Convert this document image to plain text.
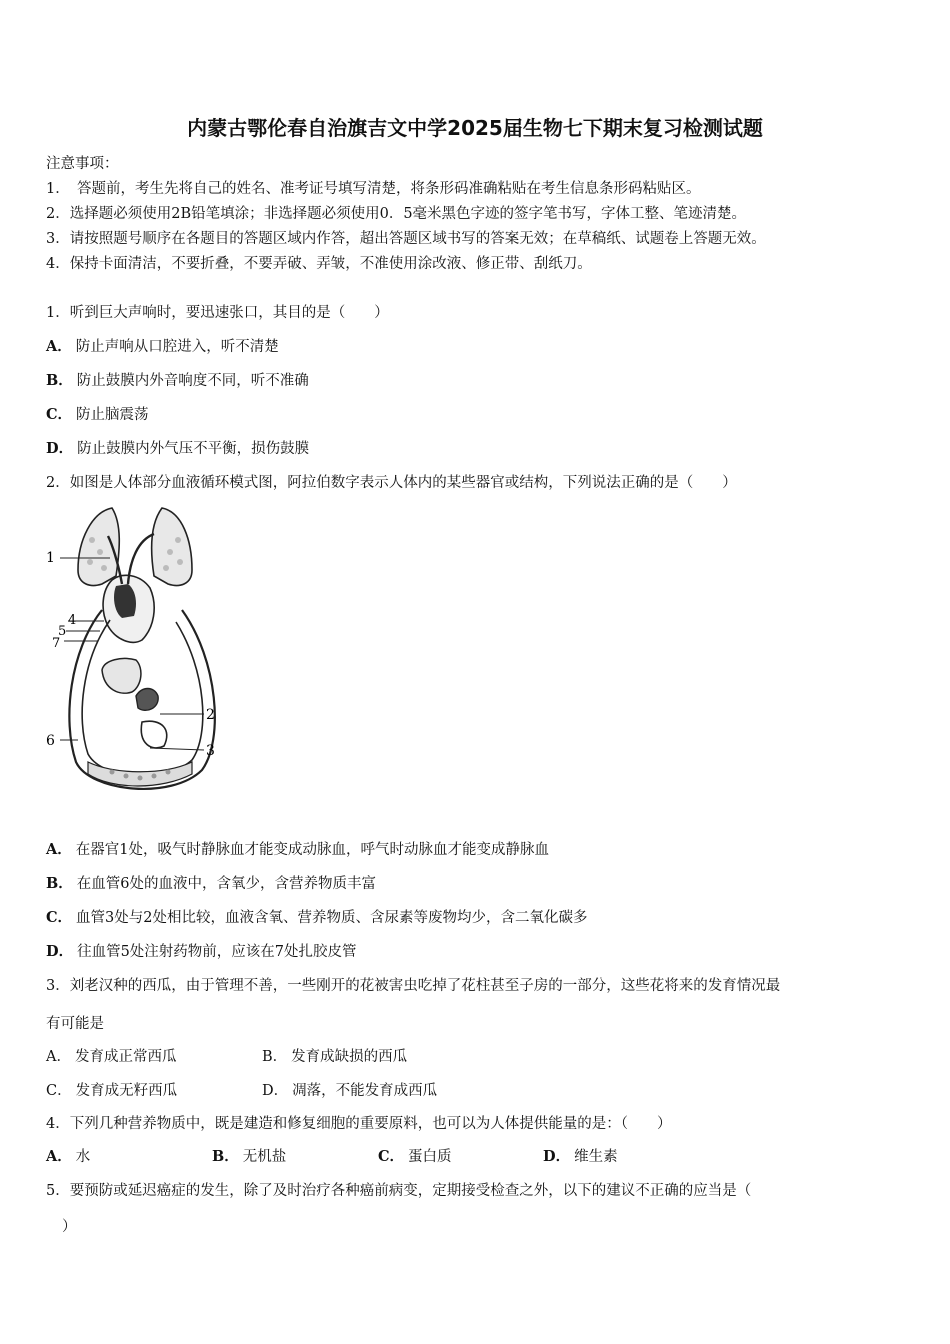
内蒙古鄂伦春自治旗吉文中学2025届生物七下期末复习检测试题
注意事项：
1．　答题前，考生先将自己的姓名、准考证号填写清楚，将条形码准确粘贴在考生信息条形码粘贴区。
2．选择题必须使用2B铅笔填涂；非选择题必须使用0．5毫米黑色字迹的签字笔书写，字体工整、笔迹清楚。
3．请按照题号顺序在各题目的答题区域内作答，超出答题区域书写的答案无效；在草稿纸、试题卷上答题无效。
4．保持卡面清洁，不要折叠，不要弄破、弄皱，不准使用涂改液、修正带、刮纸刀。
1．听到巨大声响时，要迅速张口，其目的是（　　）
A． 防止声响从口腔进入，听不清楚
B． 防止鼓膜内外音响度不同，听不准确
C． 防止脑震荡
D． 防止鼓膜内外气压不平衡，损伤鼓膜
2．如图是人体部分血液循环模式图，阿拉伯数字表示人体内的某些器官或结构，下列说法正确的是（　　）
1
4
5
7
2
6
3
A． 在器官1处，吸气时静脉血才能变成动脉血，呼气时动脉血才能变成静脉血
B． 在血管6处的血液中，含氧少，含营养物质丰富
C． 血管3处与2处相比较，血液含氧、营养物质、含尿素等废物均少，含二氧化碳多
D． 往血管5处注射药物前，应该在7处扎胶皮管
3．刘老汉种的西瓜，由于管理不善，一些刚开的花被害虫吃掉了花柱甚至子房的一部分，这些花将来的发育情况最
有可能是
A． 发育成正常西瓜	B． 发育成缺损的西瓜
C． 发育成无籽西瓜	D． 凋落，不能发育成西瓜
4．下列几种营养物质中，既是建造和修复细胞的重要原料，也可以为人体提供能量的是：（　　）
A． 水	B． 无机盐	C． 蛋白质	D． 维生素
5．要预防或延迟癌症的发生，除了及时治疗各种癌前病变，定期接受检查之外，以下的建议不正确的应当是（
）
